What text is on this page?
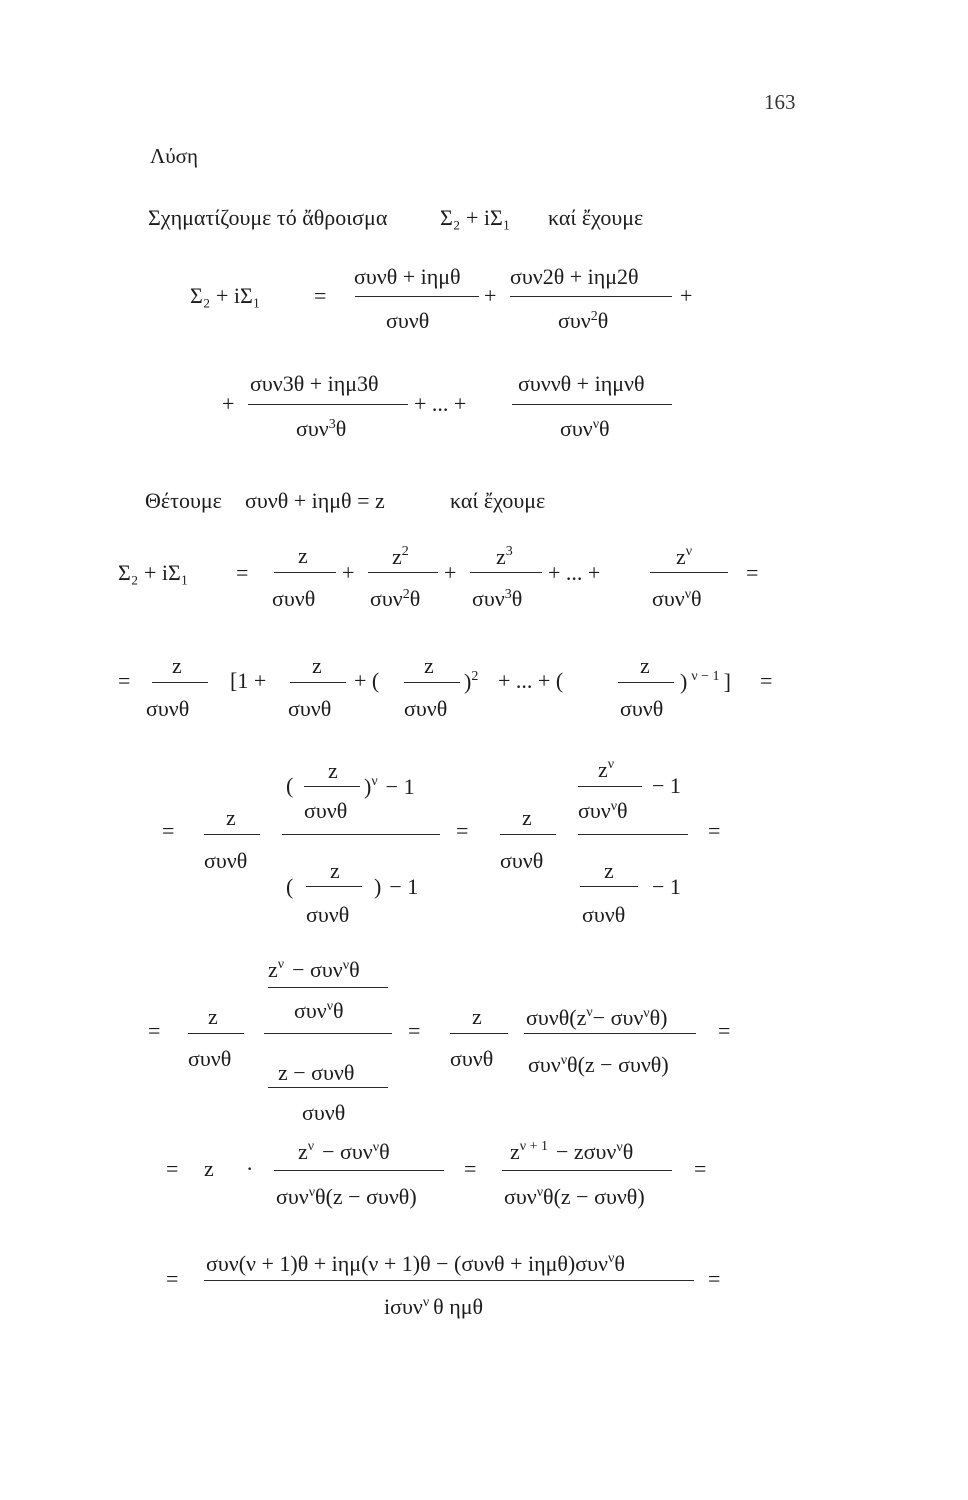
163
Λύση
Σχηματίζουμε τό ἄθροισμα Σ₂ + iΣ₁ καί ἔχουμε
Σ₂ + iΣ₁ =
συνθ + iημθ
συνθ
+
συν2θ + iημ2θ
συν$^2$θ
+
+
συν3θ + iημ3θ
συν$^3$θ
+ ... +
συννθ + iημνθ
συν$^\nu$θ
Θέτουμε συνθ + iημθ = z	καί ἔχουμε
Σ₂ + iΣ₁ =
z
συνθ
+
$z^2$
συν$^2$θ
+
$z^3$
συν$^3$θ
+ ... +
$z^\nu$
συν$^\nu$θ
=
=
z
συνθ
[1 +
z
συνθ
+ (
z
συνθ
)$^2$ + ... + (
z
συνθ
) $^{\nu - 1}$ ] =
=
z
συνθ
(
z
συνθ
)$^\nu$ − 1
z
(	) − 1
συνθ
=
z
συνθ
$z^\nu$
− 1
συν$^\nu$θ
z
− 1
συνθ
=
=
z
συνθ
$z^\nu - \sigma\upsilon\nu^\nu\theta$
συν$^\nu$θ
z − συνθ
συνθ
=
z
συνθ
$\sigma\upsilon\nu\theta(z^\nu- \sigma\upsilon\nu^\nu\theta)$
συν$^\nu$θ(z − συνθ)
=
= z ·
$z^\nu - \sigma\upsilon\nu^\nu\theta$
συν$^\nu$θ(z − συνθ)
=
$z^{\nu + 1} - z\sigma\upsilon\nu^\nu\theta$
συν$^\nu$θ(z − συνθ)
=
=
συν(ν + 1)θ + iημ(ν + 1)θ − (συνθ + iημθ)συν$^\nu$θ
iσυν$^\nu$ θ ημθ
=
